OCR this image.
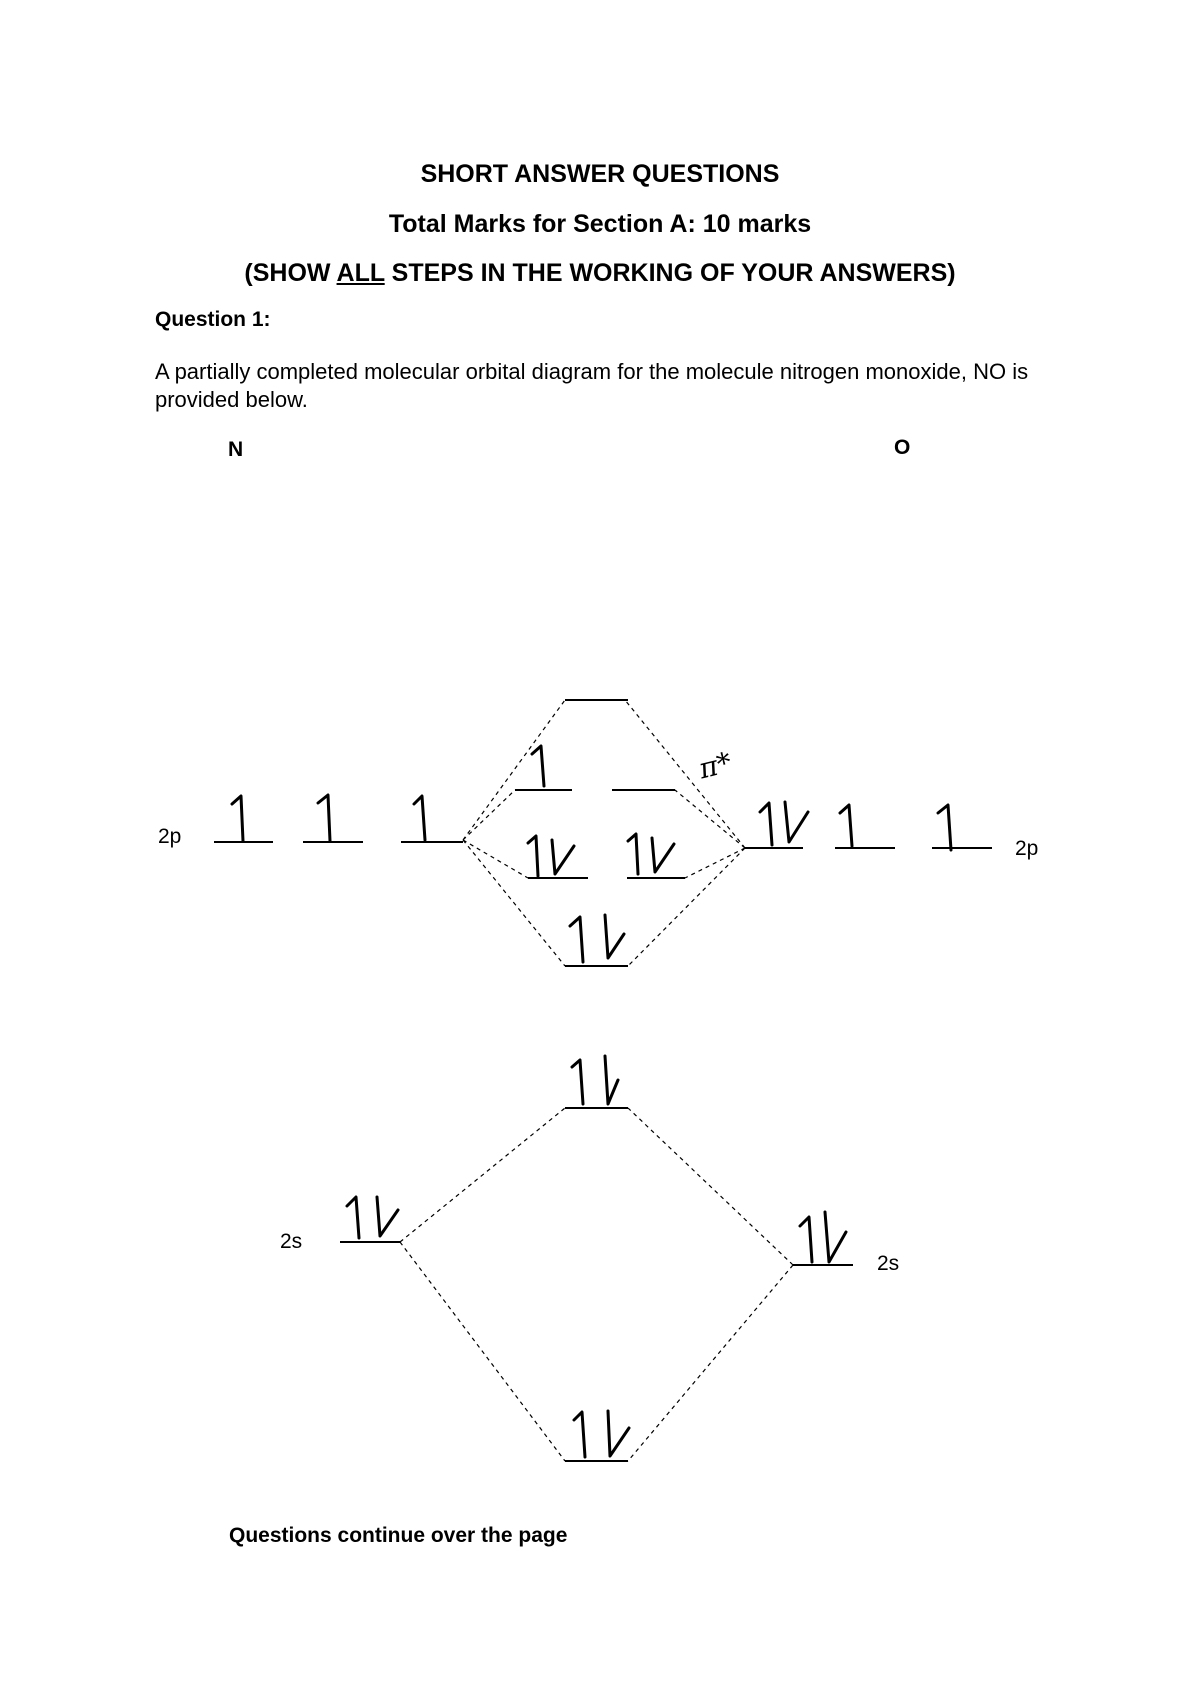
SHORT ANSWER QUESTIONS
Total Marks for Section A: 10 marks
(SHOW ALL STEPS IN THE WORKING OF YOUR ANSWERS)
Question 1:
A partially completed molecular orbital diagram for the molecule nitrogen monoxide, NO is provided below.
N	O
2p
2p
2s
2s
π*
Questions continue over the page
